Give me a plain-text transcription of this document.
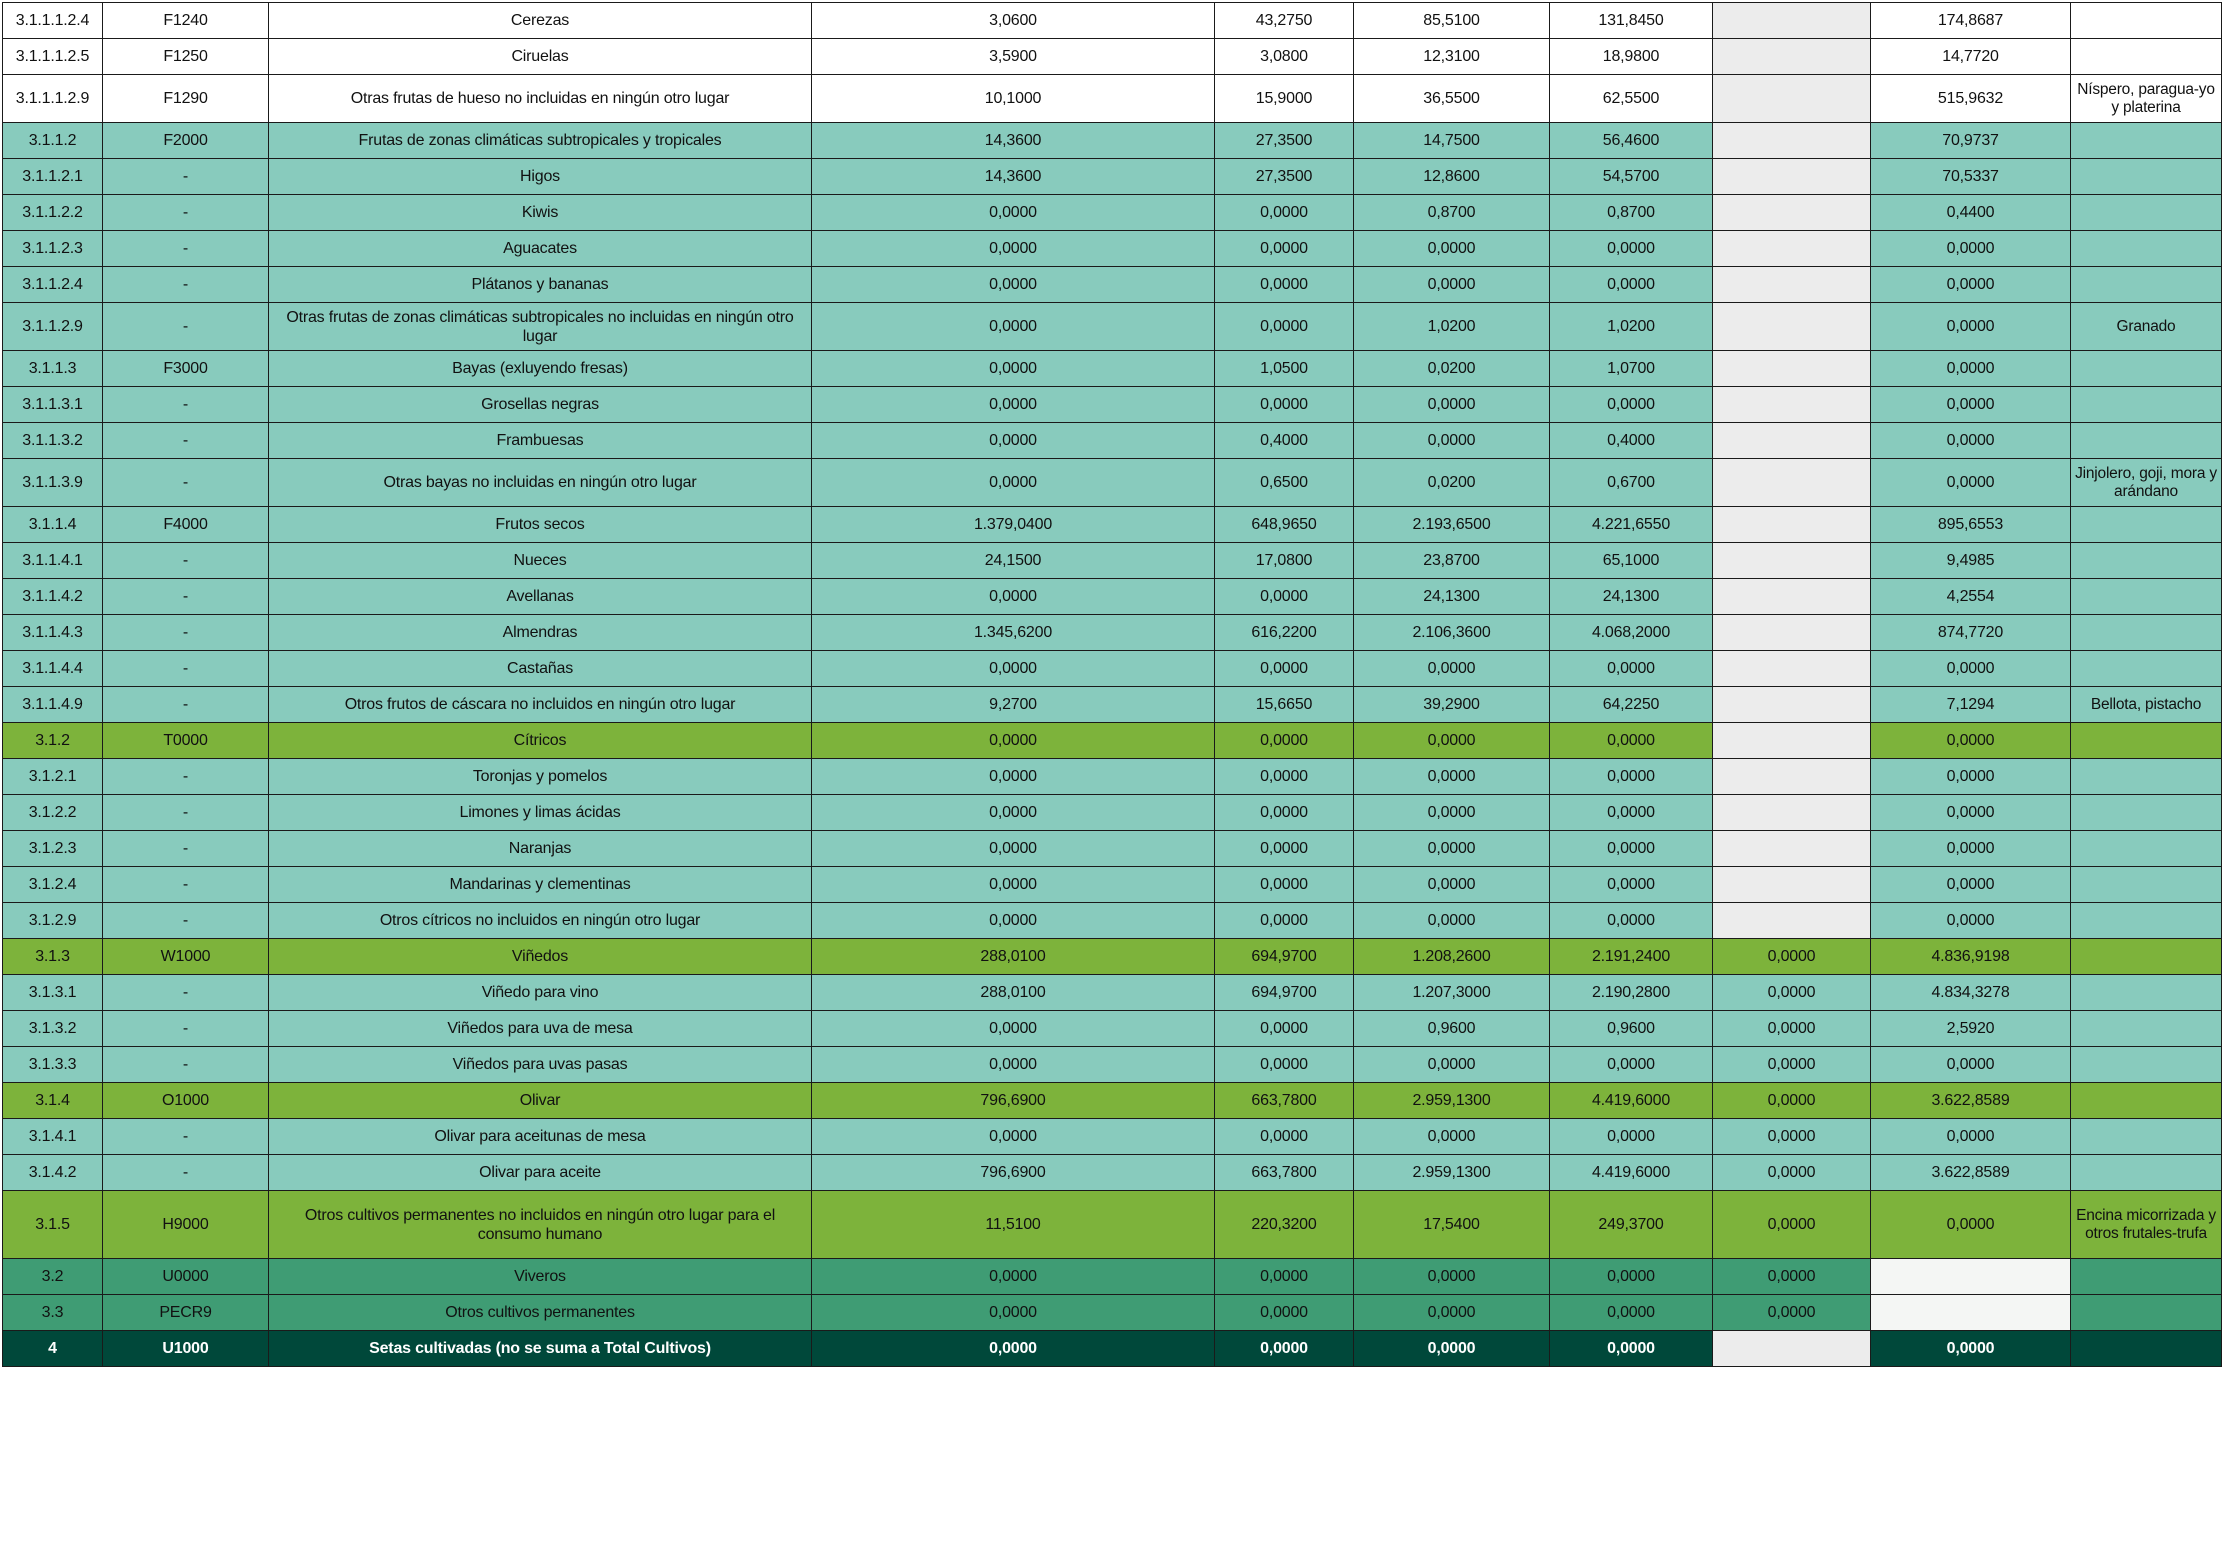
3.1.1.1.2.4	F1240	Cerezas	3,0600	43,2750	85,5100	131,8450		174,8687	
3.1.1.1.2.5	F1250	Ciruelas	3,5900	3,0800	12,3100	18,9800		14,7720	
3.1.1.1.2.9	F1290	Otras frutas de hueso no incluidas en ningún otro lugar	10,1000	15,9000	36,5500	62,5500		515,9632	Níspero, paragua-yo y platerina
3.1.1.2	F2000	Frutas de zonas climáticas subtropicales y tropicales	14,3600	27,3500	14,7500	56,4600		70,9737	
3.1.1.2.1	-	Higos	14,3600	27,3500	12,8600	54,5700		70,5337	
3.1.1.2.2	-	Kiwis	0,0000	0,0000	0,8700	0,8700		0,4400	
3.1.1.2.3	-	Aguacates	0,0000	0,0000	0,0000	0,0000		0,0000	
3.1.1.2.4	-	Plátanos y bananas	0,0000	0,0000	0,0000	0,0000		0,0000	
3.1.1.2.9	-	Otras frutas de zonas climáticas subtropicales no incluidas en ningún otro lugar	0,0000	0,0000	1,0200	1,0200		0,0000	Granado
3.1.1.3	F3000	Bayas (exluyendo fresas)	0,0000	1,0500	0,0200	1,0700		0,0000	
3.1.1.3.1	-	Grosellas negras	0,0000	0,0000	0,0000	0,0000		0,0000	
3.1.1.3.2	-	Frambuesas	0,0000	0,4000	0,0000	0,4000		0,0000	
3.1.1.3.9	-	Otras bayas no incluidas en ningún otro lugar	0,0000	0,6500	0,0200	0,6700		0,0000	Jinjolero, goji, mora y arándano
3.1.1.4	F4000	Frutos secos	1.379,0400	648,9650	2.193,6500	4.221,6550		895,6553	
3.1.1.4.1	-	Nueces	24,1500	17,0800	23,8700	65,1000		9,4985	
3.1.1.4.2	-	Avellanas	0,0000	0,0000	24,1300	24,1300		4,2554	
3.1.1.4.3	-	Almendras	1.345,6200	616,2200	2.106,3600	4.068,2000		874,7720	
3.1.1.4.4	-	Castañas	0,0000	0,0000	0,0000	0,0000		0,0000	
3.1.1.4.9	-	Otros frutos de cáscara no incluidos en ningún otro lugar	9,2700	15,6650	39,2900	64,2250		7,1294	Bellota, pistacho
3.1.2	T0000	Cítricos	0,0000	0,0000	0,0000	0,0000		0,0000	
3.1.2.1	-	Toronjas y pomelos	0,0000	0,0000	0,0000	0,0000		0,0000	
3.1.2.2	-	Limones y limas ácidas	0,0000	0,0000	0,0000	0,0000		0,0000	
3.1.2.3	-	Naranjas	0,0000	0,0000	0,0000	0,0000		0,0000	
3.1.2.4	-	Mandarinas y clementinas	0,0000	0,0000	0,0000	0,0000		0,0000	
3.1.2.9	-	Otros cítricos no incluidos en ningún otro lugar	0,0000	0,0000	0,0000	0,0000		0,0000	
3.1.3	W1000	Viñedos	288,0100	694,9700	1.208,2600	2.191,2400	0,0000	4.836,9198	
3.1.3.1	-	Viñedo para vino	288,0100	694,9700	1.207,3000	2.190,2800	0,0000	4.834,3278	
3.1.3.2	-	Viñedos para uva de mesa	0,0000	0,0000	0,9600	0,9600	0,0000	2,5920	
3.1.3.3	-	Viñedos para uvas pasas	0,0000	0,0000	0,0000	0,0000	0,0000	0,0000	
3.1.4	O1000	Olivar	796,6900	663,7800	2.959,1300	4.419,6000	0,0000	3.622,8589	
3.1.4.1	-	Olivar para aceitunas de mesa	0,0000	0,0000	0,0000	0,0000	0,0000	0,0000	
3.1.4.2	-	Olivar para aceite	796,6900	663,7800	2.959,1300	4.419,6000	0,0000	3.622,8589	
3.1.5	H9000	Otros cultivos permanentes no incluidos en ningún otro lugar para el consumo humano	11,5100	220,3200	17,5400	249,3700	0,0000	0,0000	Encina micorrizada y otros frutales-trufa
3.2	U0000	Viveros	0,0000	0,0000	0,0000	0,0000	0,0000		
3.3	PECR9	Otros cultivos permanentes	0,0000	0,0000	0,0000	0,0000	0,0000		
4	U1000	Setas cultivadas (no se suma a Total Cultivos)	0,0000	0,0000	0,0000	0,0000		0,0000	
